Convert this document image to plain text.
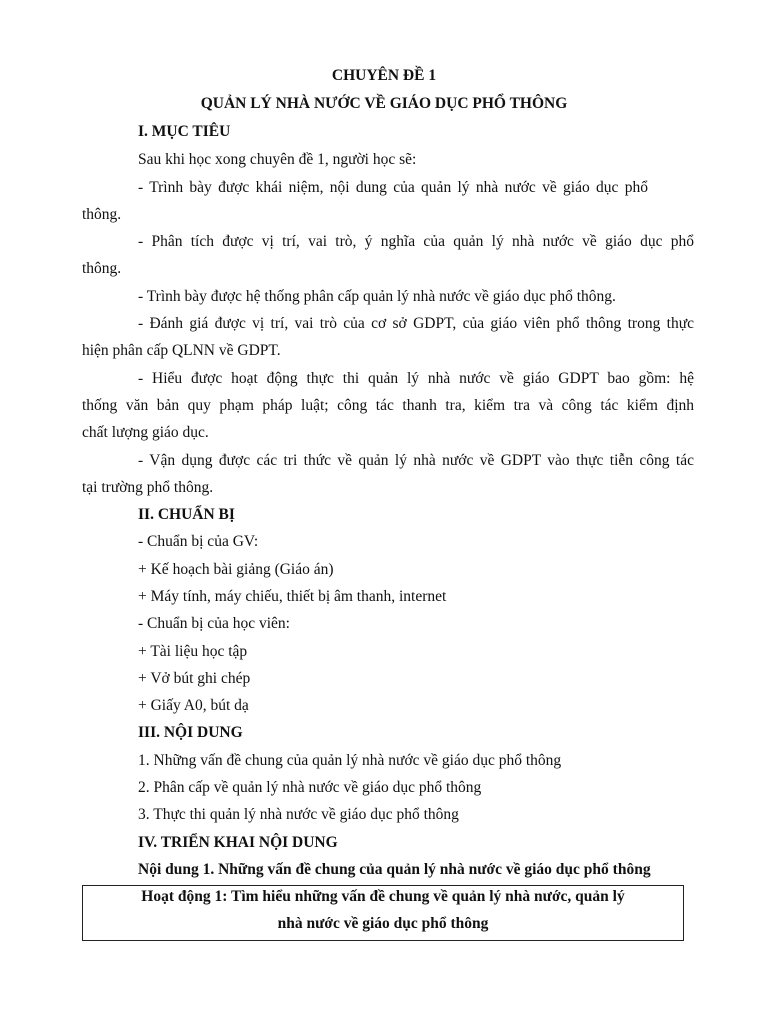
CHUYÊN ĐỀ 1
QUẢN LÝ NHÀ NƯỚC VỀ GIÁO DỤC PHỔ THÔNG
I. MỤC TIÊU
Sau khi học xong chuyên đề 1, người học sẽ:
- Trình bày được khái niệm, nội dung của quản lý nhà nước về giáo dục phổ
thông.
- Phân tích được vị trí, vai trò, ý nghĩa của quản lý nhà nước về giáo dục phổ
thông.
- Trình bày được hệ thống phân cấp quản lý nhà nước về giáo dục phổ thông.
- Đánh giá được vị trí, vai trò của cơ sở GDPT, của giáo viên phổ thông trong thực
hiện phân cấp QLNN về GDPT.
- Hiểu được hoạt động thực thi quản lý nhà nước về giáo GDPT bao gồm: hệ
thống văn bản quy phạm pháp luật; công tác thanh tra, kiểm tra và công tác kiểm định
chất lượng giáo dục.
- Vận dụng được các tri thức về quản lý nhà nước về GDPT vào thực tiễn công tác
tại trường phổ thông.
II. CHUẨN BỊ
- Chuẩn bị của GV:
+ Kế hoạch bài giảng (Giáo án)
+ Máy tính, máy chiếu, thiết bị âm thanh, internet
- Chuẩn bị của học viên:
+ Tài liệu học tập
+ Vở bút ghi chép
+ Giấy A0, bút dạ
III. NỘI DUNG
1. Những vấn đề chung của quản lý nhà nước về giáo dục phổ thông
2. Phân cấp về quản lý nhà nước về giáo dục phổ thông
3. Thực thi quản lý nhà nước về giáo dục phổ thông
IV. TRIỂN KHAI NỘI DUNG
Nội dung 1. Những vấn đề chung của quản lý nhà nước về giáo dục phổ thông
Hoạt động 1: Tìm hiểu những vấn đề chung về quản lý nhà nước, quản lý
nhà nước về giáo dục phổ thông
